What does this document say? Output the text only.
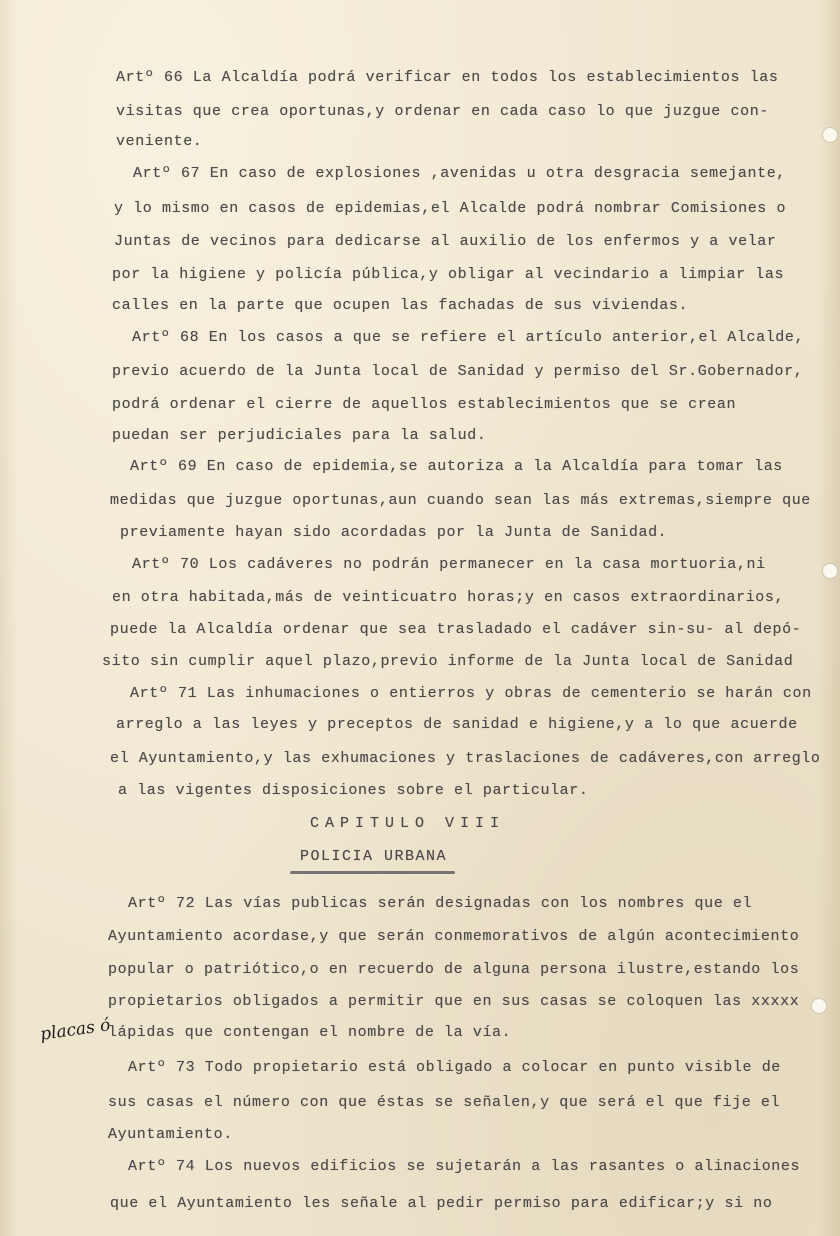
Artº 66 La Alcaldía podrá verificar en todos los establecimientos las
visitas que crea oportunas,y ordenar en cada caso lo que juzgue con-
veniente.
Artº 67 En caso de explosiones ,avenidas u otra desgracia semejante,
y lo mismo en casos de epidemias,el Alcalde podrá nombrar Comisiones o
Juntas de vecinos para dedicarse al auxilio de los enfermos y a velar
por la higiene y policía pública,y obligar al vecindario a limpiar las
calles en la parte que ocupen las fachadas de sus viviendas.
Artº 68 En los casos a que se refiere el artículo anterior,el Alcalde,
previo acuerdo de la Junta local de Sanidad y permiso del Sr.Gobernador,
podrá ordenar el cierre de aquellos establecimientos que se crean
puedan ser perjudiciales para la salud.
Artº 69 En caso de epidemia,se autoriza a la Alcaldía para tomar las
medidas que juzgue oportunas,aun cuando sean las más extremas,siempre que
previamente hayan sido acordadas por la Junta de Sanidad.
Artº 70 Los cadáveres no podrán permanecer en la casa mortuoria,ni
en otra habitada,más de veinticuatro horas;y en casos extraordinarios,
puede la Alcaldía ordenar que sea trasladado el cadáver sin-su- al depó-
sito sin cumplir aquel plazo,previo informe de la Junta local de Sanidad
Artº 71 Las inhumaciones o entierros y obras de cementerio se harán con
arreglo a las leyes y preceptos de sanidad e higiene,y a lo que acuerde
el Ayuntamiento,y las exhumaciones y traslaciones de cadáveres,con arreglo
a las vigentes disposiciones sobre el particular.
CAPITULO VIII
POLICIA URBANA
Artº 72 Las vías publicas serán designadas con los nombres que el
Ayuntamiento acordase,y que serán conmemorativos de algún acontecimiento
popular o patriótico,o en recuerdo de alguna persona ilustre,estando los
propietarios obligados a permitir que en sus casas se coloquen las xxxxx
lápidas que contengan el nombre de la vía.
placas ó
Artº 73 Todo propietario está obligado a colocar en punto visible de
sus casas el número con que éstas se señalen,y que será el que fije el
Ayuntamiento.
Artº 74 Los nuevos edificios se sujetarán a las rasantes o alinaciones
que el Ayuntamiento les señale al pedir permiso para edificar;y si no
